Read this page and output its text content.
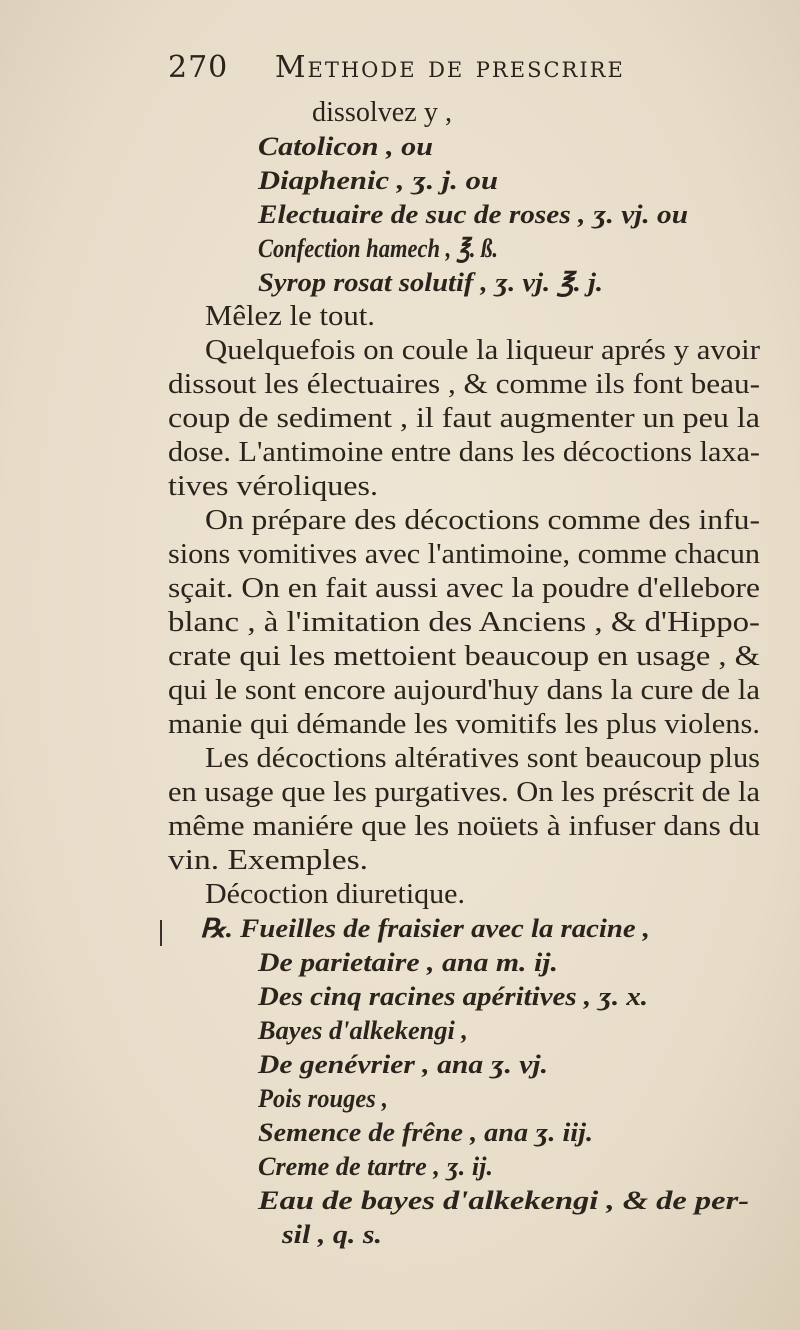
270 Methode de prescrire
dissolvez y ,
Catolicon , ou
Diaphenic , ʒ. j. ou
Electuaire de suc de roses , ʒ. vj. ou
Confection hamech , ℥. ß.
Syrop rosat solutif , ʒ. vj. ℥. j.
Mêlez le tout.
Quelquefois on coule la liqueur aprés y avoir
dissout les électuaires , & comme ils font beau-
coup de sediment , il faut augmenter un peu la
dose. L'antimoine entre dans les décoctions laxa-
tives véroliques.
On prépare des décoctions comme des infu-
sions vomitives avec l'antimoine, comme chacun
sçait. On en fait aussi avec la poudre d'ellebore
blanc , à l'imitation des Anciens , & d'Hippo-
crate qui les mettoient beaucoup en usage , &
qui le sont encore aujourd'huy dans la cure de la
manie qui démande les vomitifs les plus violens.
Les décoctions altératives sont beaucoup plus
en usage que les purgatives. On les préscrit de la
même maniére que les noüets à infuser dans du
vin. Exemples.
Décoction diuretique.
℞. Fueilles de fraisier avec la racine ,
De parietaire , ana m. ij.
Des cinq racines apéritives , ʒ. x.
Bayes d'alkekengi ,
De genévrier , ana ʒ. vj.
Pois rouges ,
Semence de frêne , ana ʒ. iij.
Creme de tartre , ʒ. ij.
Eau de bayes d'alkekengi , & de per-
sil , q. s.
